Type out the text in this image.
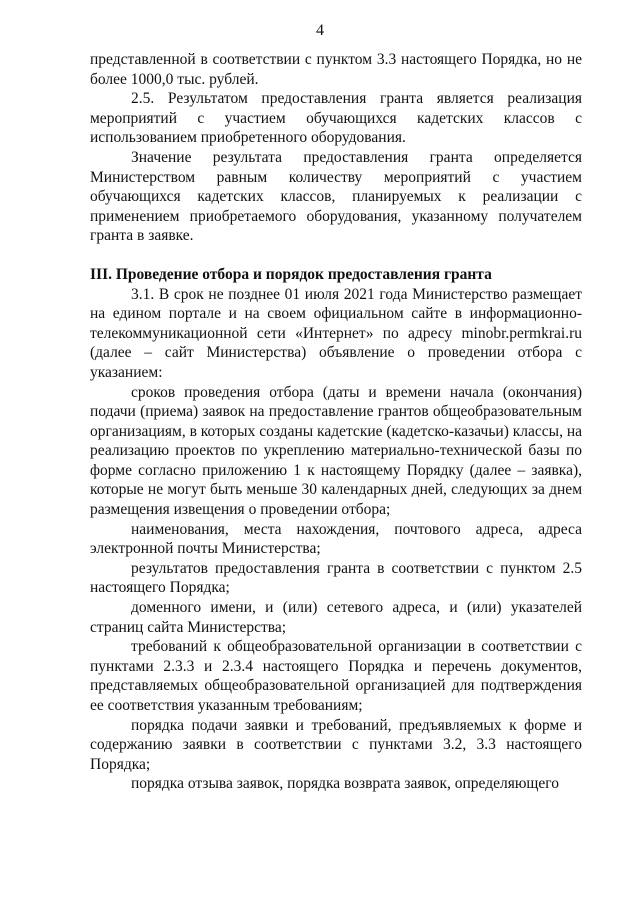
4

представленной в соответствии с пунктом 3.3 настоящего Порядка, но не более 1000,0 тыс. рублей.

2.5. Результатом предоставления гранта является реализация мероприятий с участием обучающихся кадетских классов с использованием приобретенного оборудования.

Значение результата предоставления гранта определяется Министерством равным количеству мероприятий с участием обучающихся кадетских классов, планируемых к реализации с применением приобретаемого оборудования, указанному получателем гранта в заявке.

III. Проведение отбора и порядок предоставления гранта

3.1. В срок не позднее 01 июля 2021 года Министерство размещает на едином портале и на своем официальном сайте в информационно-телекоммуникационной сети «Интернет» по адресу minobr.permkrai.ru (далее – сайт Министерства) объявление о проведении отбора с указанием:

сроков проведения отбора (даты и времени начала (окончания) подачи (приема) заявок на предоставление грантов общеобразовательным организациям, в которых созданы кадетские (кадетско-казачьи) классы, на реализацию проектов по укреплению материально-технической базы по форме согласно приложению 1 к настоящему Порядку (далее – заявка), которые не могут быть меньше 30 календарных дней, следующих за днем размещения извещения о проведении отбора;

наименования, места нахождения, почтового адреса, адреса электронной почты Министерства;

результатов предоставления гранта в соответствии с пунктом 2.5 настоящего Порядка;

доменного имени, и (или) сетевого адреса, и (или) указателей страниц сайта Министерства;

требований к общеобразовательной организации в соответствии с пунктами 2.3.3 и 2.3.4 настоящего Порядка и перечень документов, представляемых общеобразовательной организацией для подтверждения ее соответствия указанным требованиям;

порядка подачи заявки и требований, предъявляемых к форме и содержанию заявки в соответствии с пунктами 3.2, 3.3 настоящего Порядка;

порядка отзыва заявок, порядка возврата заявок, определяющего
